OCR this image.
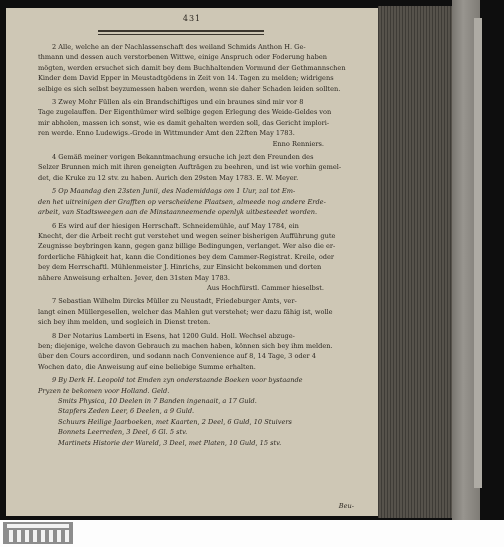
431
2 Alle, welche an der Nachlassenschaft des weiland Schmids Anthon H. Ge-
thmann und dessen auch verstorbenen Wittwe, einige Anspruch oder Foderung haben
mögten, werden ersuchet sich damit bey dem Buchhaltenden Vormund der Gethmannschen
Kinder dem David Epper in Meustadtgödens in Zeit von 14. Tagen zu melden; widrigens
selbige es sich selbst beyzumessen haben werden, wenn sie daher Schaden leiden sollten.
3 Zwey Mohr Füllen als ein Brandschiftiges und ein braunes sind mir vor 8
Tage zugelauffen. Der Eigenthümer wird selbige gegen Erlegung des Weide-Geldes von
mir abholen, massen ich sonst, wie es damit gehalten werden soll, das Gericht implori-
ren werde. Enno Ludewigs.-Grode in Wittmunder Amt den 22ften May 1783.
Enno Renniers.
4 Gemäß meiner vorigen Bekanntmachung ersuche ich jezt den Freunden des
Selzer Brunnen mich mit ihren geneigten Aufträgen zu beehren, und ist wie vorhin gemel-
det, die Kruke zu 12 stv. zu haben. Aurich den 29sten May 1783. E. W. Meyer.
5 Op Maandag den 23sten Junii, des Nademiddags om 1 Uur, zal tot Em-
den het uitreinigen der Grafften op verscheidene Plaatsen, almeede nog andere Erde-
arbeit, van Stadtsweegen aan de Minstaanneemende openlyk uitbesteedet worden.
6 Es wird auf der hiesigen Herrschaft. Schneidemühle, auf May 1784, ein
Knecht, der die Arbeit recht gut verstehet und wegen seiner bisherigen Aufführung gute
Zeugnisse beybringen kann, gegen ganz billige Bedingungen, verlanget. Wer also die er-
forderliche Fähigkeit hat, kann die Conditiones bey dem Cammer-Registrat. Kreile, oder
bey dem Herrschaftl. Mühlenmeister J. Hinrichs, zur Einsicht bekommen und dorten
nähere Anweisung erhalten. Jever, den 31sten May 1783.
Aus Hochfürstl. Cammer hieselbst.
7 Sebastian Wilhelm Dircks Müller zu Neustadt, Friedeburger Amts, ver-
langt einen Müllergesellen, welcher das Mahlen gut verstehet; wer dazu fähig ist, wolle
sich bey ihm melden, und sogleich in Dienst treten.
8 Der Notarius Lamberti in Esens, hat 1200 Guld. Holl. Wechsel abzuge-
ben; diejenige, welche davon Gebrauch zu machen haben, können sich bey ihm melden.
über den Cours accordiren, und sodann nach Convenience auf 8, 14 Tage, 3 oder 4
Wochen dato, die Anweisung auf eine beliebige Summe erhalten.
9 By Derk H. Leopold tot Emden zyn onderstaande Boeken voor bystaande
Pryzen te bekomen voor Holland. Geld.
Smits Physica, 10 Deelen in 7 Banden ingenaait, a 17 Guld.
Stapfers Zeden Leer, 6 Deelen, a 9 Guld.
Schuurs Heilige Jaarboeken, met Kaarten, 2 Deel, 6 Guld, 10 Stuivers
Bonnets Leerreden, 3 Deel, 6 Gl. 5 stv.
Martinets Historie der Wareld, 3 Deel, met Platen, 10 Guld, 15 stv.
Beu-
